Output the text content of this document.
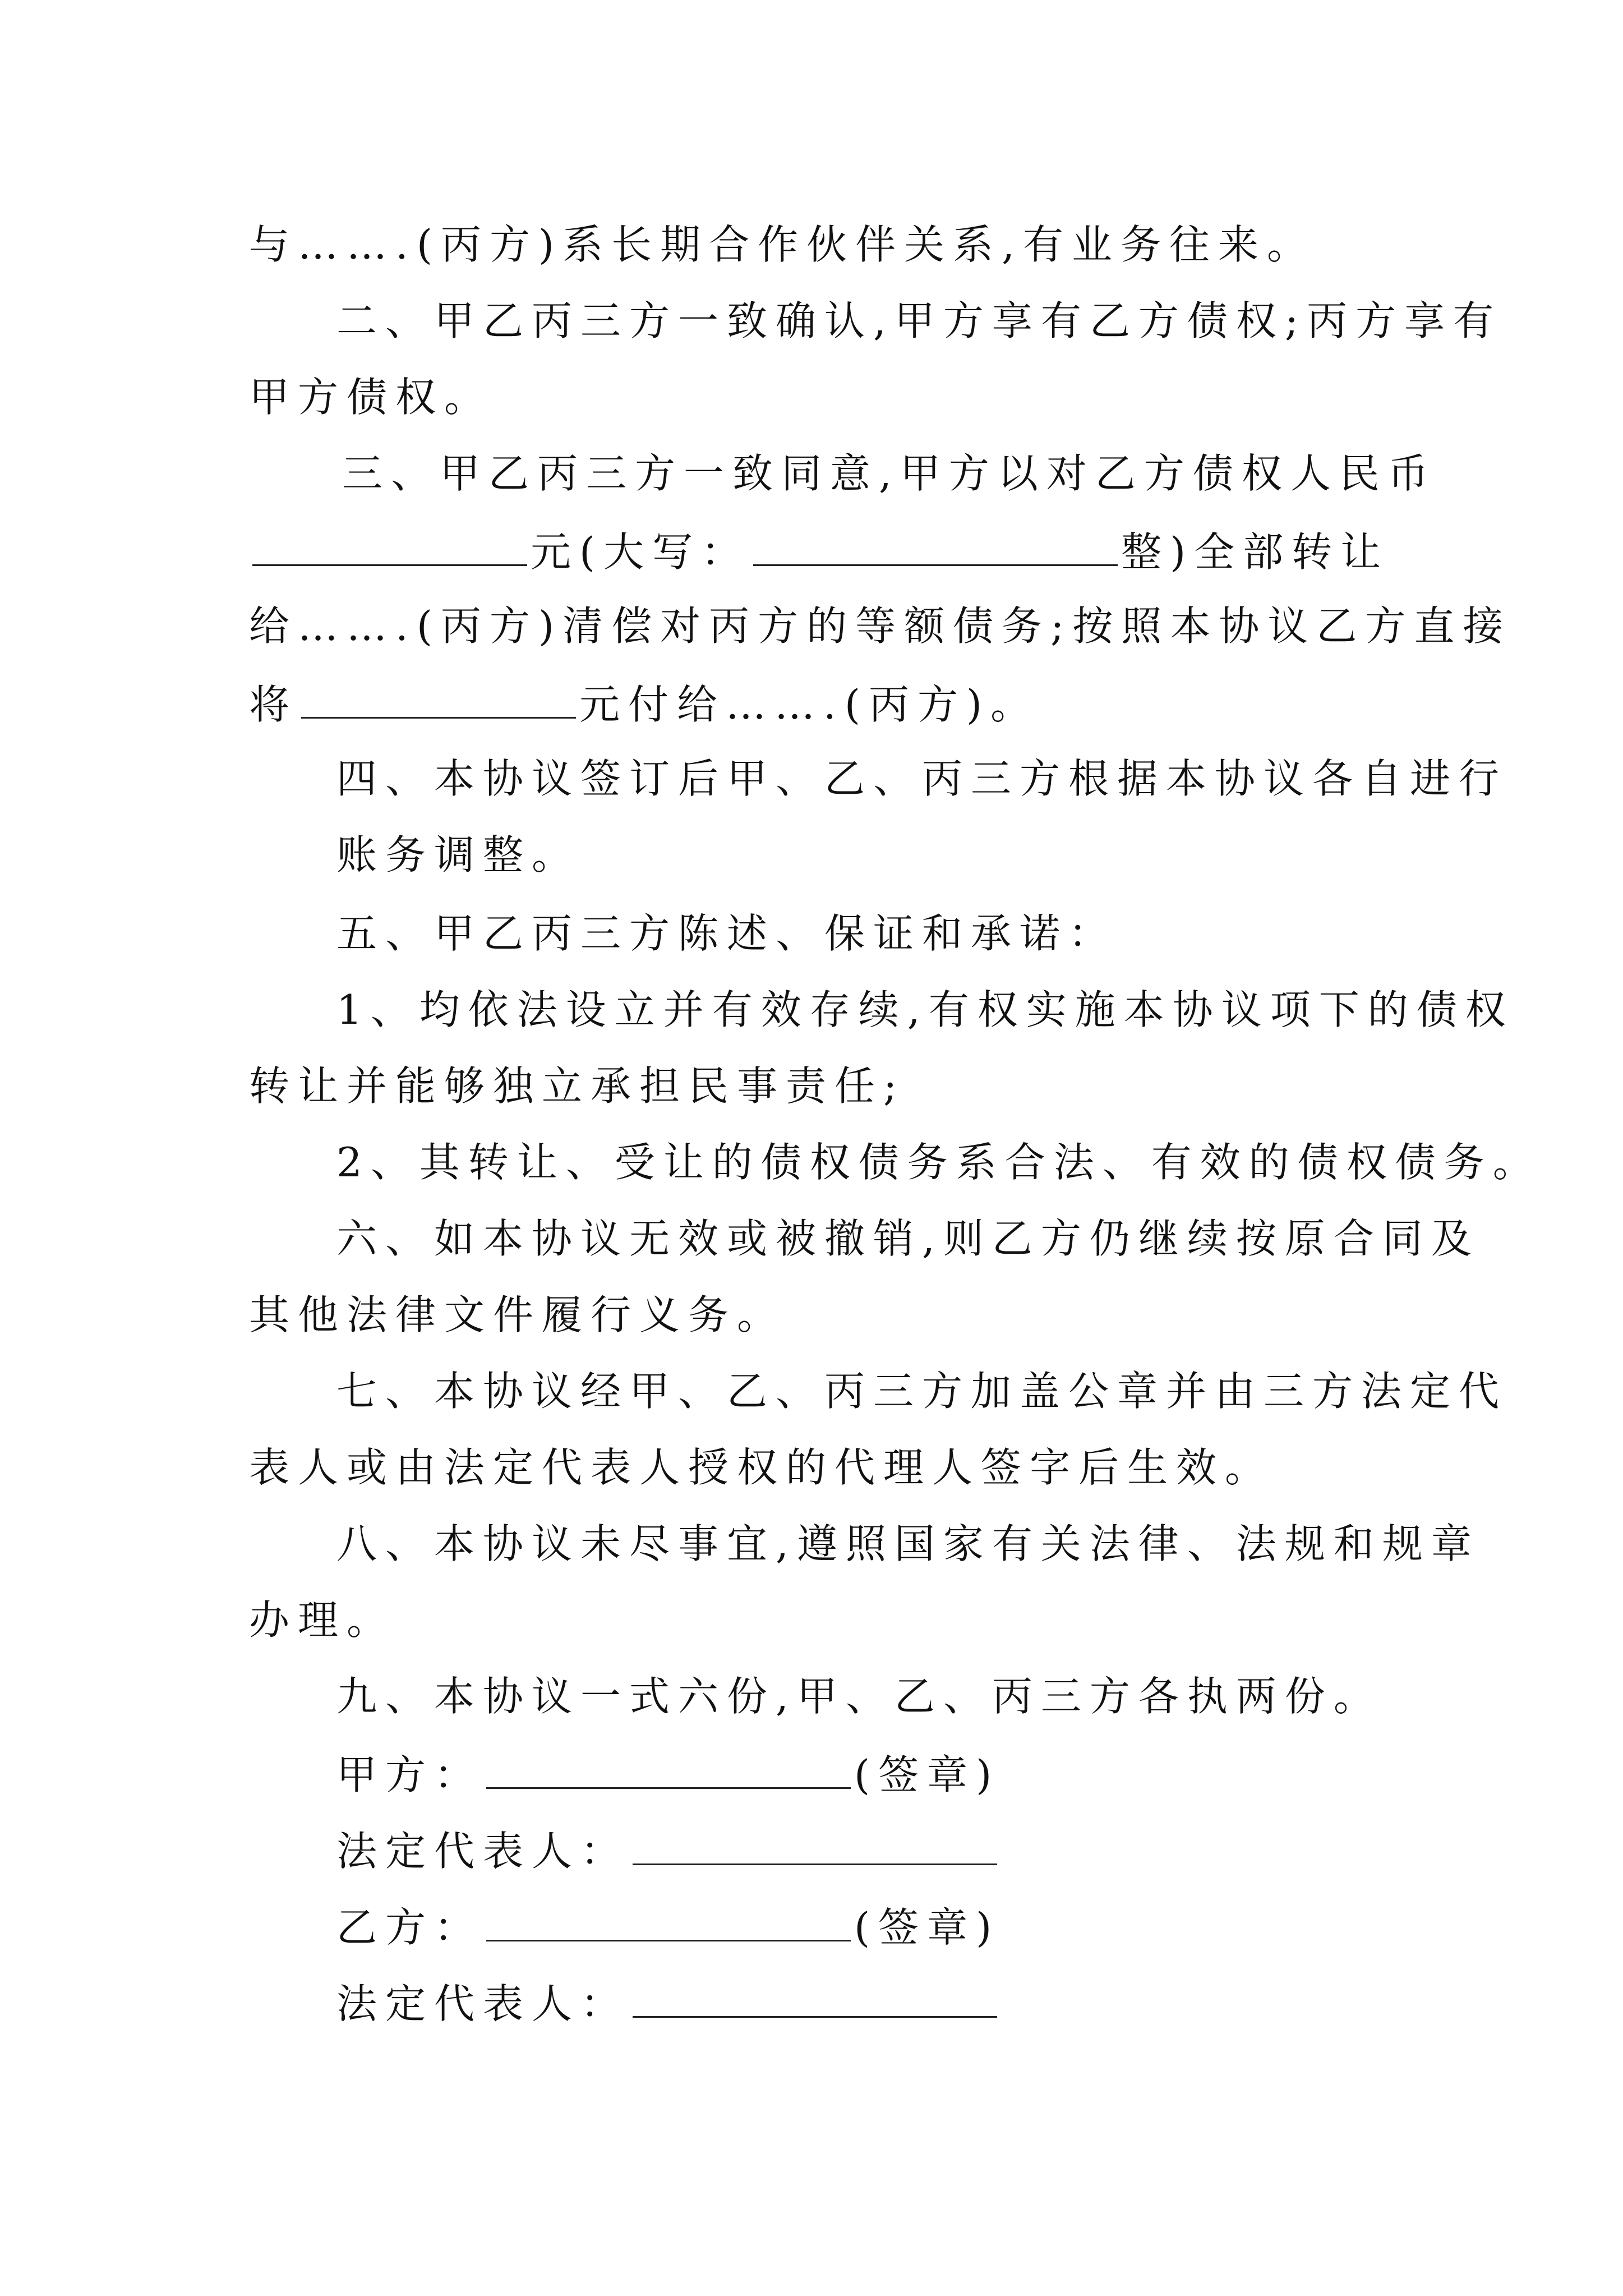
与…….(丙方)系长期合作伙伴关系,有业务往来。
二、甲乙丙三方一致确认,甲方享有乙方债权;丙方享有
甲方债权。
三、甲乙丙三方一致同意,甲方以对乙方债权人民币
元(大写：	整)全部转让
给…….(丙方)清偿对丙方的等额债务;按照本协议乙方直接
将	元付给…….(丙方)。
四、本协议签订后甲、乙、丙三方根据本协议各自进行
账务调整。
五、甲乙丙三方陈述、保证和承诺：
1、均依法设立并有效存续,有权实施本协议项下的债权
转让并能够独立承担民事责任;
2、其转让、受让的债权债务系合法、有效的债权债务。
六、如本协议无效或被撤销,则乙方仍继续按原合同及
其他法律文件履行义务。
七、本协议经甲、乙、丙三方加盖公章并由三方法定代
表人或由法定代表人授权的代理人签字后生效。
八、本协议未尽事宜,遵照国家有关法律、法规和规章
办理。
九、本协议一式六份,甲、乙、丙三方各执两份。
甲方：	(签章)
法定代表人：
乙方：	(签章)
法定代表人：
